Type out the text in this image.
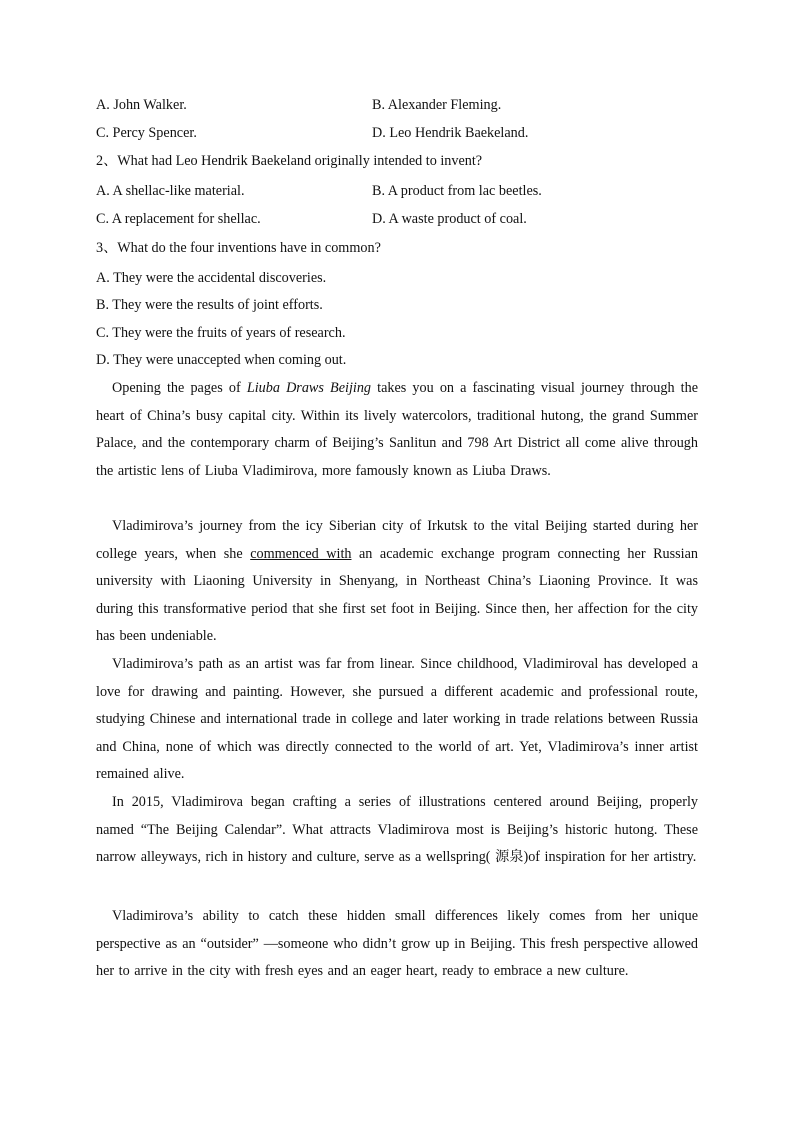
A. John Walker.	B. Alexander Fleming.
C. Percy Spencer.	D. Leo Hendrik Baekeland.
2、What had Leo Hendrik Baekeland originally intended to invent?
A. A shellac-like material.	B. A product from lac beetles.
C. A replacement for shellac.	D. A waste product of coal.
3、What do the four inventions have in common?
A. They were the accidental discoveries.
B. They were the results of joint efforts.
C. They were the fruits of years of research.
D. They were unaccepted when coming out.
Opening the pages of Liuba Draws Beijing takes you on a fascinating visual journey through the heart of China’s busy capital city. Within its lively watercolors, traditional hutong, the grand Summer Palace, and the contemporary charm of Beijing’s Sanlitun and 798 Art District all come alive through the artistic lens of Liuba Vladimirova, more famously known as Liuba Draws.
Vladimirova’s journey from the icy Siberian city of Irkutsk to the vital Beijing started during her college years, when she commenced with an academic exchange program connecting her Russian university with Liaoning University in Shenyang, in Northeast China’s Liaoning Province. It was during this transformative period that she first set foot in Beijing. Since then, her affection for the city has been undeniable.
Vladimirova’s path as an artist was far from linear. Since childhood, Vladimiroval has developed a love for drawing and painting. However, she pursued a different academic and professional route, studying Chinese and international trade in college and later working in trade relations between Russia and China, none of which was directly connected to the world of art. Yet, Vladimirova’s inner artist remained alive.
In 2015, Vladimirova began crafting a series of illustrations centered around Beijing, properly named “The Beijing Calendar”. What attracts Vladimirova most is Beijing’s historic hutong. These narrow alleyways, rich in history and culture, serve as a wellspring( 源泉)of inspiration for her artistry.
Vladimirova’s ability to catch these hidden small differences likely comes from her unique perspective as an “outsider” —someone who didn’t grow up in Beijing. This fresh perspective allowed her to arrive in the city with fresh eyes and an eager heart, ready to embrace a new culture.
